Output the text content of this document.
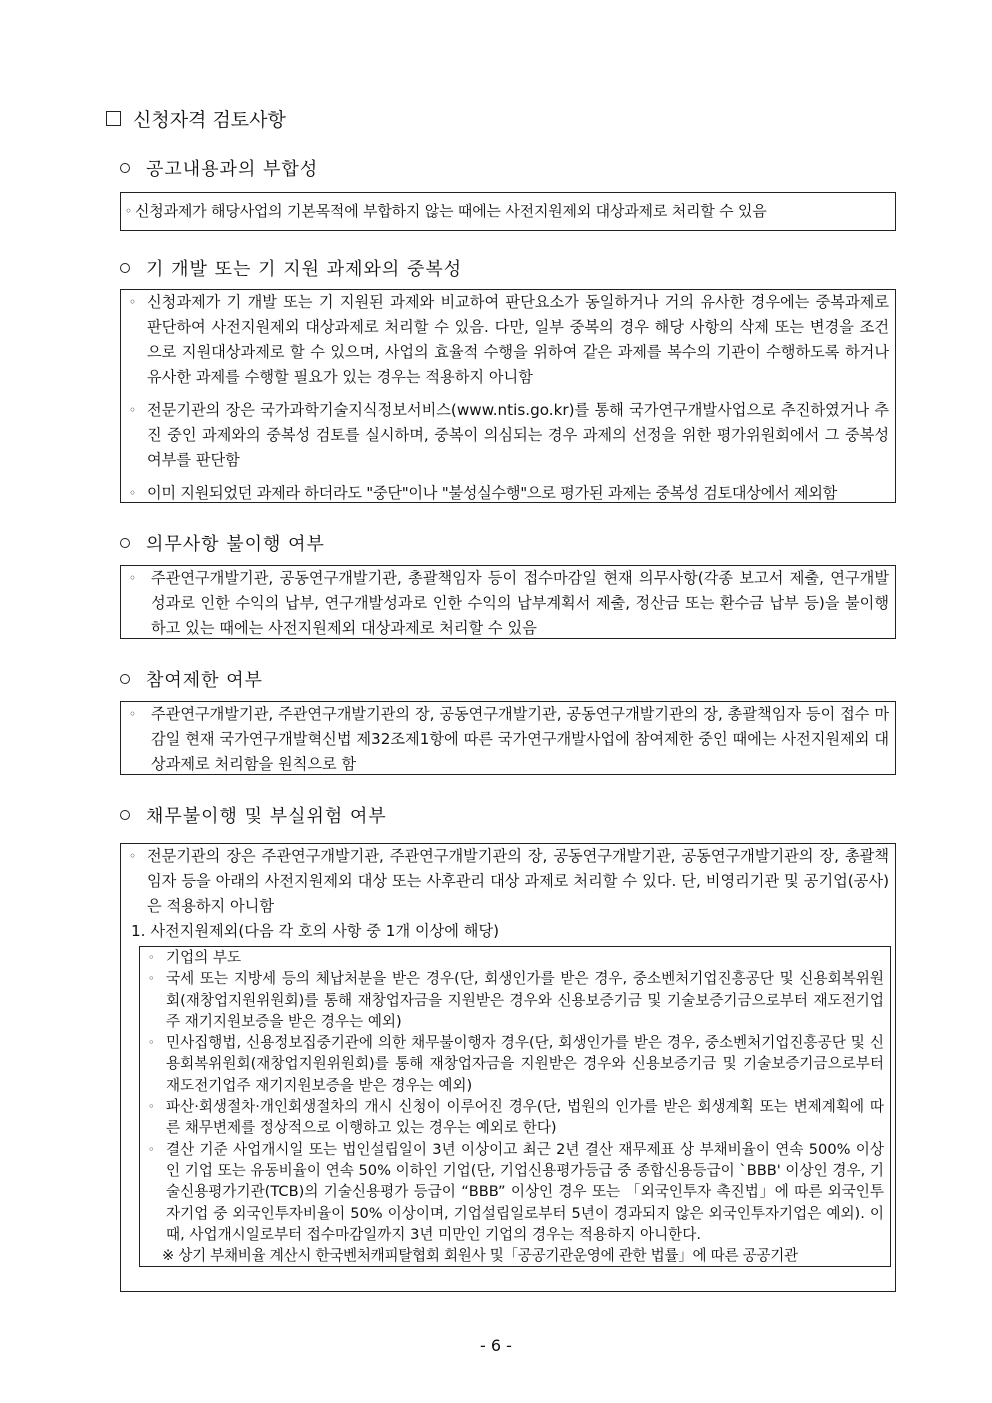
신청자격 검토사항
공고내용과의 부합성
◦ 신청과제가 해당사업의 기본목적에 부합하지 않는 때에는 사전지원제외 대상과제로 처리할 수 있음
기 개발 또는 기 지원 과제와의 중복성
◦ 신청과제가 기 개발 또는 기 지원된 과제와 비교하여 판단요소가 동일하거나 거의 유사한 경우에는 중복과제로 판단하여 사전지원제외 대상과제로 처리할 수 있음. 다만, 일부 중복의 경우 해당 사항의 삭제 또는 변경을 조건으로 지원대상과제로 할 수 있으며, 사업의 효율적 수행을 위하여 같은 과제를 복수의 기관이 수행하도록 하거나 유사한 과제를 수행할 필요가 있는 경우는 적용하지 아니함
◦ 전문기관의 장은 국가과학기술지식정보서비스(www.ntis.go.kr)를 통해 국가연구개발사업으로 추진하였거나 추진 중인 과제와의 중복성 검토를 실시하며, 중복이 의심되는 경우 과제의 선정을 위한 평가위원회에서 그 중복성 여부를 판단함
◦ 이미 지원되었던 과제라 하더라도 "중단"이나 "불성실수행"으로 평가된 과제는 중복성 검토대상에서 제외함
의무사항 불이행 여부
◦ 주관연구개발기관, 공동연구개발기관, 총괄책임자 등이 접수마감일 현재 의무사항(각종 보고서 제출, 연구개발성과로 인한 수익의 납부, 연구개발성과로 인한 수익의 납부계획서 제출, 정산금 또는 환수금 납부 등)을 불이행하고 있는 때에는 사전지원제외 대상과제로 처리할 수 있음
참여제한 여부
◦ 주관연구개발기관, 주관연구개발기관의 장, 공동연구개발기관, 공동연구개발기관의 장, 총괄책임자 등이 접수 마감일 현재 국가연구개발혁신법 제32조제1항에 따른 국가연구개발사업에 참여제한 중인 때에는 사전지원제외 대상과제로 처리함을 원칙으로 함
채무불이행 및 부실위험 여부
◦ 전문기관의 장은 주관연구개발기관, 주관연구개발기관의 장, 공동연구개발기관, 공동연구개발기관의 장, 총괄책임자 등을 아래의 사전지원제외 대상 또는 사후관리 대상 과제로 처리할 수 있다. 단, 비영리기관 및 공기업(공사)은 적용하지 아니함
1. 사전지원제외(다음 각 호의 사항 중 1개 이상에 해당)
◦ 기업의 부도
◦ 국세 또는 지방세 등의 체납처분을 받은 경우(단, 회생인가를 받은 경우, 중소벤처기업진흥공단 및 신용회복위원회(재창업지원위원회)를 통해 재창업자금을 지원받은 경우와 신용보증기금 및 기술보증기금으로부터 재도전기업주 재기지원보증을 받은 경우는 예외)
◦ 민사집행법, 신용정보집중기관에 의한 채무불이행자 경우(단, 회생인가를 받은 경우, 중소벤처기업진흥공단 및 신용회복위원회(재창업지원위원회)를 통해 재창업자금을 지원받은 경우와 신용보증기금 및 기술보증기금으로부터 재도전기업주 재기지원보증을 받은 경우는 예외)
◦ 파산·회생절차·개인회생절차의 개시 신청이 이루어진 경우(단, 법원의 인가를 받은 회생계획 또는 변제계획에 따른 채무변제를 정상적으로 이행하고 있는 경우는 예외로 한다)
◦ 결산 기준 사업개시일 또는 법인설립일이 3년 이상이고 최근 2년 결산 재무제표 상 부채비율이 연속 500% 이상인 기업 또는 유동비율이 연속 50% 이하인 기업(단, 기업신용평가등급 중 종합신용등급이 `BBB' 이상인 경우, 기술신용평가기관(TCB)의 기술신용평가 등급이 “BBB” 이상인 경우 또는 「외국인투자 촉진법」에 따른 외국인투자기업 중 외국인투자비율이 50% 이상이며, 기업설립일로부터 5년이 경과되지 않은 외국인투자기업은 예외). 이때, 사업개시일로부터 접수마감일까지 3년 미만인 기업의 경우는 적용하지 아니한다.
※ 상기 부채비율 계산시 한국벤처캐피탈협회 회원사 및「공공기관운영에 관한 법률」에 따른 공공기관
- 6 -
